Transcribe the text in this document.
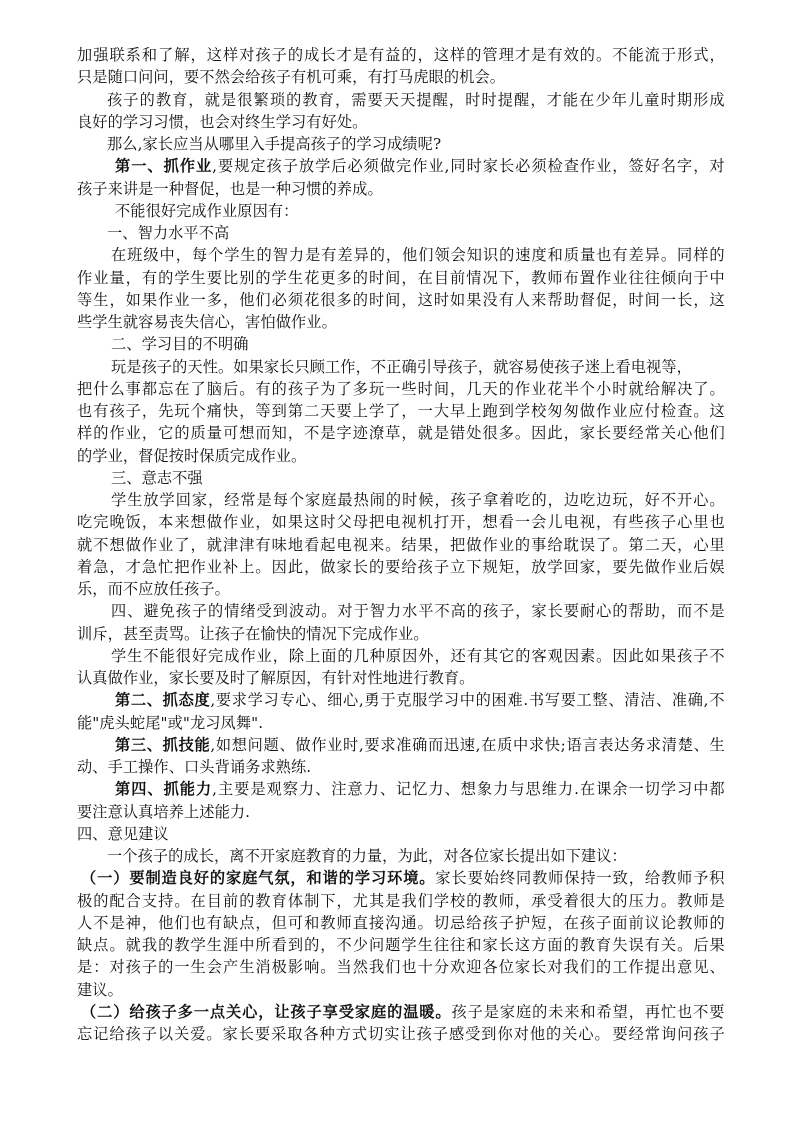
加 强 联 系 和 了 解 ， 这 样 对 孩 子 的 成 长 才 是 有 益 的 ， 这 样 的 管 理 才 是 有 效 的 。 不 能 流 于 形 式 ，
只是随口问问，要不然会给孩子有机可乘，有打马虎眼的机会。
孩 子 的 教 育 ， 就 是 很 繁 琐 的 教 育 ， 需 要 天 天 提 醒 ， 时 时 提 醒 ， 才 能 在 少 年 儿 童 时 期 形 成
良好的学习习惯，也会对终生学习有好处。
那么,家长应当从哪里入手提高孩子的学习成绩呢?
第 一 、 抓 作 业 , 要 规 定 孩 子 放 学 后 必 须 做 完 作 业 , 同 时 家 长 必 须 检 查 作 业 ， 签 好 名 字 ， 对
孩子来讲是一种督促，也是一种习惯的养成。
不能很好完成作业原因有：
一、智力水平不高
在 班 级 中 ， 每 个 学 生 的 智 力 是 有 差 异 的 ， 他 们 领 会 知 识 的 速 度 和 质 量 也 有 差 异 。 同 样 的
作 业 量 ， 有 的 学 生 要 比 别 的 学 生 花 更 多 的 时 间 ， 在 目 前 情 况 下 ， 教 师 布 置 作 业 往 往 倾 向 于 中
等 生 ， 如 果 作 业 一 多 ， 他 们 必 须 花 很 多 的 时 间 ， 这 时 如 果 没 有 人 来 帮 助 督 促 ， 时 间 一 长 ， 这
些学生就容易丧失信心，害怕做作业。
二、学习目的不明确
玩是孩子的天性。如果家长只顾工作，不正确引导孩子，就容易使孩子迷上看电视等，
把 什 么 事 都 忘 在 了 脑 后 。 有 的 孩 子 为 了 多 玩 一 些 时 间 ， 几 天 的 作 业 花 半 个 小 时 就 给 解 决 了 。
也 有 孩 子 ， 先 玩 个 痛 快 ， 等 到 第 二 天 要 上 学 了 ， 一 大 早 上 跑 到 学 校 匆 匆 做 作 业 应 付 检 查 。 这
样 的 作 业 ， 它 的 质 量 可 想 而 知 ， 不 是 字 迹 潦 草 ， 就 是 错 处 很 多 。 因 此 ， 家 长 要 经 常 关 心 他 们
的学业，督促按时保质完成作业。
三、意志不强
学 生 放 学 回 家 ， 经 常 是 每 个 家 庭 最 热 闹 的 时 候 ， 孩 子 拿 着 吃 的 ， 边 吃 边 玩 ， 好 不 开 心 。
吃 完 晚 饭 ， 本 来 想 做 作 业 ， 如 果 这 时 父 母 把 电 视 机 打 开 ， 想 看 一 会 儿 电 视 ， 有 些 孩 子 心 里 也
就 不 想 做 作 业 了 ， 就 津 津 有 味 地 看 起 电 视 来 。 结 果 ， 把 做 作 业 的 事 给 耽 误 了 。 第 二 天 ， 心 里
着 急 ， 才 急 忙 把 作 业 补 上 。 因 此 ， 做 家 长 的 要 给 孩 子 立 下 规 矩 ， 放 学 回 家 ， 要 先 做 作 业 后 娱
乐，而不应放任孩子。
四 、 避 免 孩 子 的 情 绪 受 到 波 动 。 对 于 智 力 水 平 不 高 的 孩 子 ， 家 长 要 耐 心 的 帮 助 ， 而 不 是
训斥，甚至责骂。让孩子在愉快的情况下完成作业。
学 生 不 能 很 好 完 成 作 业 ， 除 上 面 的 几 种 原 因 外 ， 还 有 其 它 的 客 观 因 素 。 因 此 如 果 孩 子 不
认真做作业，家长要及时了解原因，有针对性地进行教育。
第 二 、 抓 态 度 , 要 求 学 习 专 心 、 细 心 , 勇 于 克 服 学 习 中 的 困 难 . 书 写 要 工 整 、 清 洁 、 准 确 , 不
能"虎头蛇尾"或"龙习凤舞".
第 三 、 抓 技 能 , 如 想 问 题 、 做 作 业 时 , 要 求 准 确 而 迅 速 , 在 质 中 求 快 ; 语 言 表 达 务 求 清 楚 、 生
动、手工操作、口头背诵务求熟练.
第 四 、 抓 能 力 , 主 要 是 观 察 力 、 注 意 力 、 记 忆 力 、 想 象 力 与 思 维 力 . 在 课 余 一 切 学 习 中 都
要注意认真培养上述能力.
四、意见建议
一个孩子的成长，离不开家庭教育的力量，为此，对各位家长提出如下建议：
（ 一 ） 要 制 造 良 好 的 家 庭 气 氛 ， 和 谐 的 学 习 环 境 。 家 长 要 始 终 同 教 师 保 持 一 致 ， 给 教 师 予 积
极 的 配 合 支 持 。 在 目 前 的 教 育 体 制 下 ， 尤 其 是 我 们 学 校 的 教 师 ， 承 受 着 很 大 的 压 力 。 教 师 是
人 不 是 神 ， 他 们 也 有 缺 点 ， 但 可 和 教 师 直 接 沟 通 。 切 忌 给 孩 子 护 短 ， 在 孩 子 面 前 议 论 教 师 的
缺 点 。 就 我 的 教 学 生 涯 中 所 看 到 的 ， 不 少 问 题 学 生 往 往 和 家 长 这 方 面 的 教 育 失 误 有 关 。 后 果
是 ： 对 孩 子 的 一 生 会 产 生 消 极 影 响 。 当 然 我 们 也 十 分 欢 迎 各 位 家 长 对 我 们 的 工 作 提 出 意 见 、
建议。
（ 二 ） 给 孩 子 多 一 点 关 心 ， 让 孩 子 享 受 家 庭 的 温 暖 。 孩 子 是 家 庭 的 未 来 和 希 望 ， 再 忙 也 不 要
忘 记 给 孩 子 以 关 爱 。 家 长 要 采 取 各 种 方 式 切 实 让 孩 子 感 受 到 你 对 他 的 关 心 。 要 经 常 询 问 孩 子
